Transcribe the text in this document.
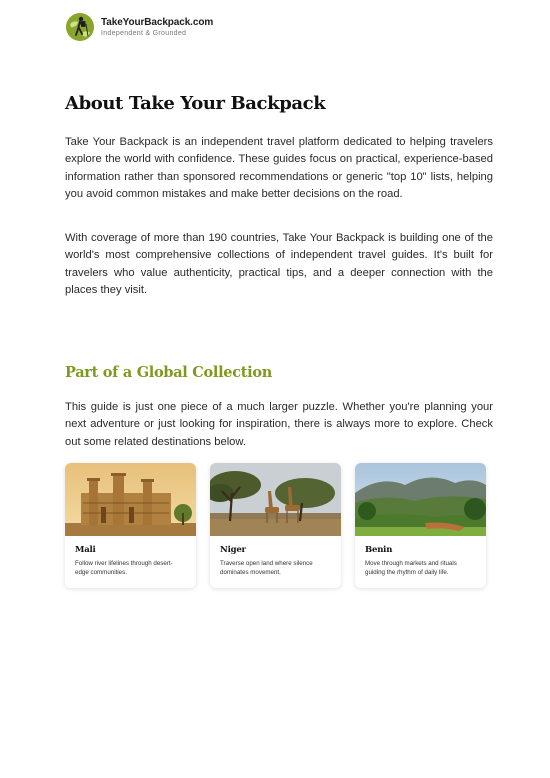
TakeYourBackpack.com
Independent & Grounded
About Take Your Backpack

Take Your Backpack is an independent travel platform dedicated to helping travelers explore the world with confidence. These guides focus on practical, experience-based information rather than sponsored recommendations or generic "top 10" lists, helping you avoid common mistakes and make better decisions on the road.

With coverage of more than 190 countries, Take Your Backpack is building one of the world's most comprehensive collections of independent travel guides. It's built for travelers who value authenticity, practical tips, and a deeper connection with the places they visit.

Part of a Global Collection

This guide is just one piece of a much larger puzzle. Whether you're planning your next adventure or just looking for inspiration, there is always more to explore. Check out some related destinations below.

Mali
Follow river lifelines through desert-edge communities.
Niger
Traverse open land where silence dominates movement.
Benin
Move through markets and rituals guiding the rhythm of daily life.
